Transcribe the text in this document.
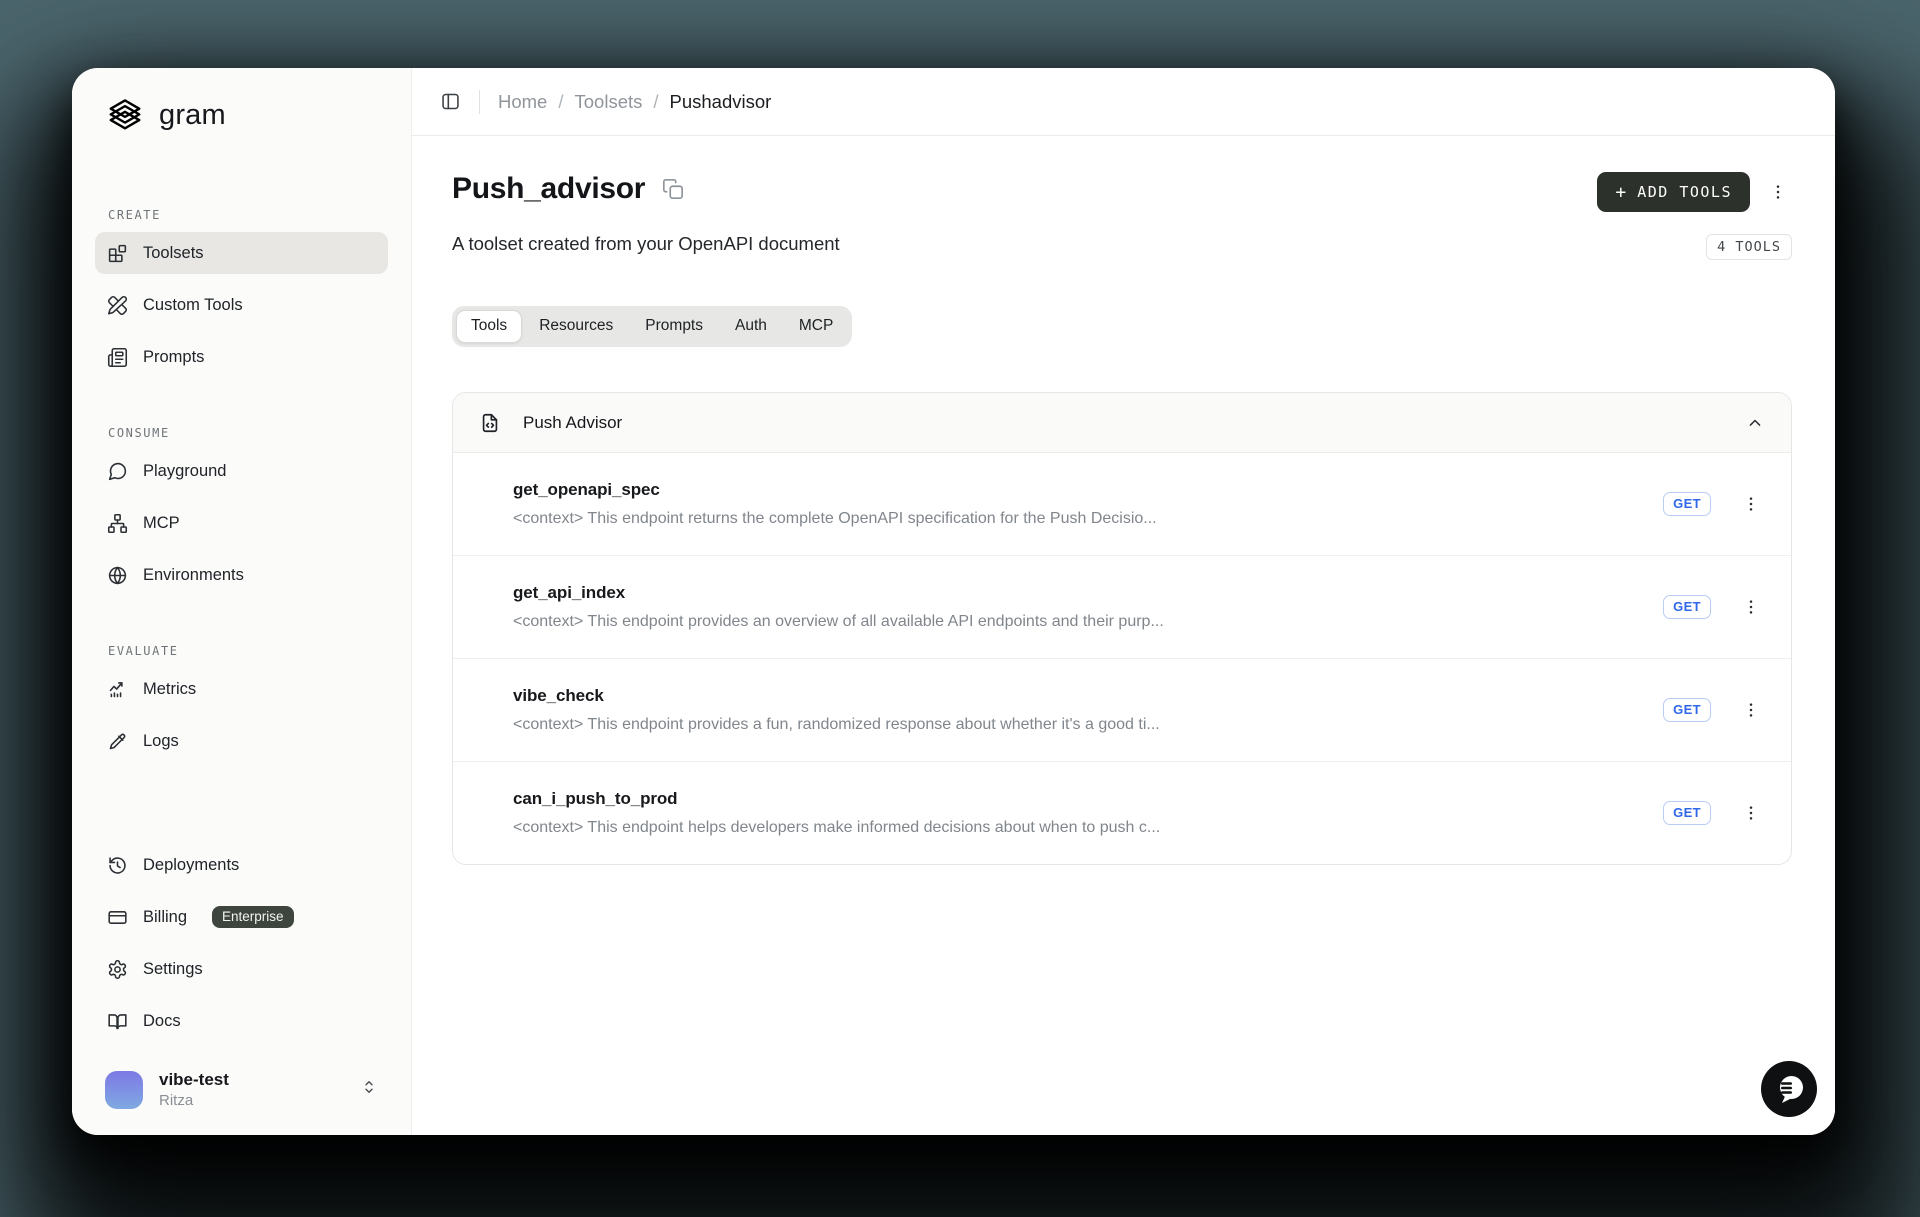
gram
CREATE
Toolsets
Custom Tools
Prompts
CONSUME
Playground
MCP
Environments
EVALUATE
Metrics
Logs
Deployments
Billing	Enterprise
Settings
Docs
vibe-test
Ritza
Home / Toolsets / Pushadvisor
Push_advisor

A toolset created from your OpenAPI document

+ ADD TOOLS
4 TOOLS
Tools	Resources	Prompts	Auth	MCP
Push Advisor
get_openapi_spec
<context> This endpoint returns the complete OpenAPI specification for the Push Decisio...
GET
get_api_index
<context> This endpoint provides an overview of all available API endpoints and their purp...
GET
vibe_check
<context> This endpoint provides a fun, randomized response about whether it's a good ti...
GET
can_i_push_to_prod
<context> This endpoint helps developers make informed decisions about when to push c...
GET
